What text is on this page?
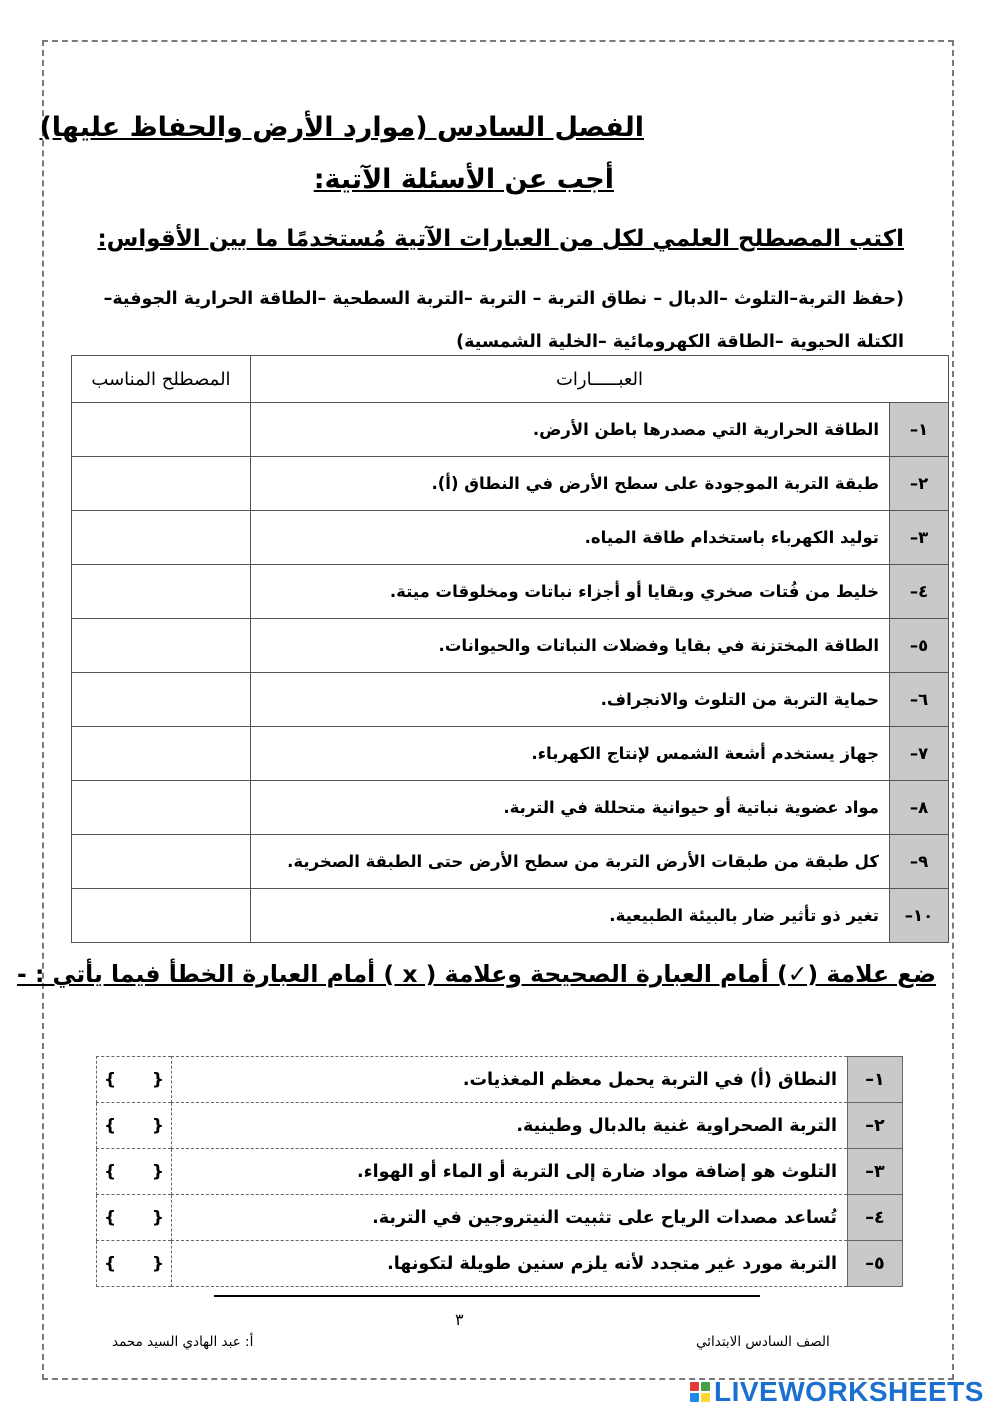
الفصل السادس (موارد الأرض والحفاظ عليها)
أجب عن الأسئلة الآتية:
اكتب المصطلح العلمي لكل من العبارات الآتية مُستخدمًا ما بين الأقواس:
(حفظ التربة–التلوث –الدبال – نطاق التربة – التربة –التربة السطحية –الطاقة الحرارية الجوفية–الكتلة الحيوية –الطاقة الكهرومائية –الخلية الشمسية)
العبـــــارات		المصطلح المناسب
١–	الطاقة الحرارية التي مصدرها باطن الأرض.	
٢–	طبقة التربة الموجودة على سطح الأرض في النطاق (أ).	
٣–	توليد الكهرباء باستخدام طاقة المياه.	
٤–	خليط من فُتات صخري وبقايا أو أجزاء نباتات ومخلوقات ميتة.	
٥–	الطاقة المختزنة في بقايا وفضلات النباتات والحيوانات.	
٦–	حماية التربة من التلوث والانجراف.	
٧–	جهاز يستخدم أشعة الشمس لإنتاج الكهرباء.	
٨–	مواد عضوية نباتية أو حيوانية متحللة في التربة.	
٩–	كل طبقة من طبقات الأرض التربة من سطح الأرض حتى الطبقة الصخرية.	
١٠–	تغير ذو تأثير ضار بالبيئة الطبيعية.	
ضع علامة (✓) أمام العبارة الصحيحة وعلامة ( x ) أمام العبارة الخطأ فيما يأتي : -
١–	النطاق (أ) في التربة يحمل معظم المغذيات.	{ }

٢–	التربة الصحراوية غنية بالدبال وطينية.	{ }

٣–	التلوث هو إضافة مواد ضارة إلى التربة أو الماء أو الهواء.	{ }

٤–	تُساعد مصدات الرياح على تثبيت النيتروجين في التربة.	{ }

٥–	التربة مورد غير متجدد لأنه يلزم سنين طويلة لتكونها.	{ }
٣
أ: عبد الهادي السيد محمد	الصف السادس الابتدائي
LIVEWORKSHEETS
